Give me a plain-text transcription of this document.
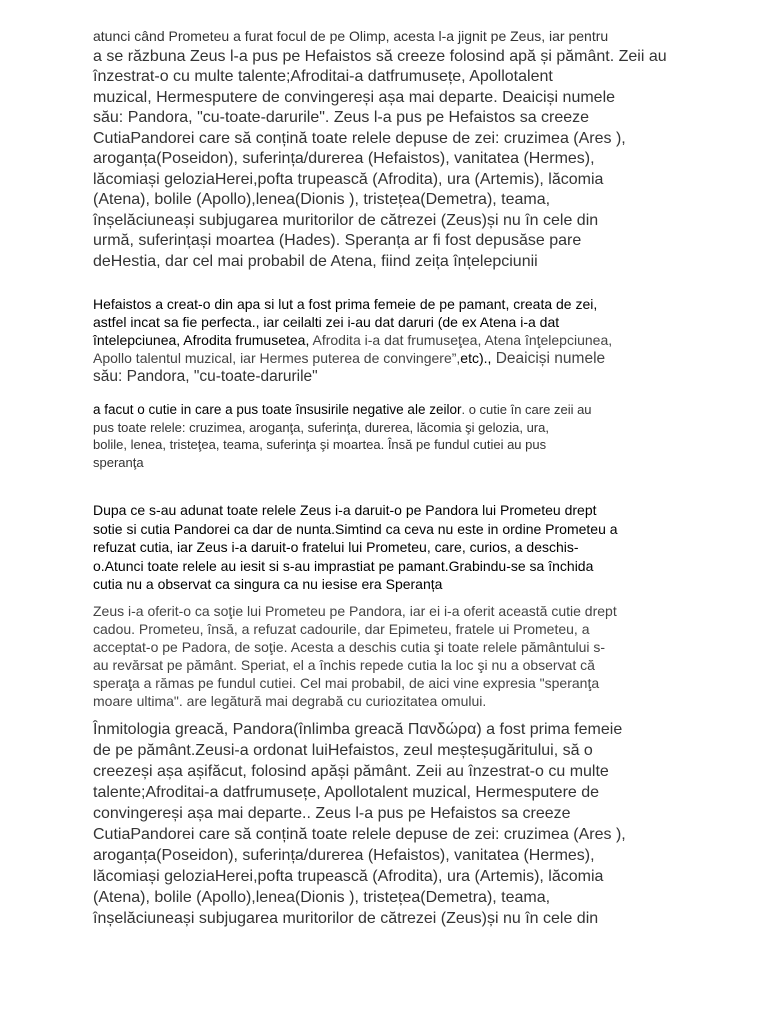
atunci când Prometeu a furat focul de pe Olimp, acesta l-a jignit pe Zeus, iar pentru
a se răzbuna Zeus l-a pus pe Hefaistos să creeze folosind apă și pământ. Zeii au
înzestrat-o cu multe talente;Afroditai-a datfrumusețe, Apollotalent
muzical, Hermesputere de convingereși așa mai departe. Deaiciși numele
său: Pandora, "cu-toate-darurile". Zeus l-a pus pe Hefaistos sa creeze
CutiaPandorei care să conțină toate relele depuse de zei: cruzimea (Ares ),
aroganța(Poseidon), suferința/durerea (Hefaistos), vanitatea (Hermes),
lăcomiași geloziaHerei,pofta trupească (Afrodita), ura (Artemis), lăcomia
(Atena), bolile (Apollo),lenea(Dionis ), tristețea(Demetra), teama,
înșelăciuneași subjugarea muritorilor de cătrezei (Zeus)și nu în cele din
urmă, suferințași moartea (Hades). Speranța ar fi fost depusăse pare
deHestia, dar cel mai probabil de Atena, fiind zeița înțelepciunii
Hefaistos a creat-o din apa si lut a fost prima femeie de pe pamant, creata de zei,
astfel incat sa fie perfecta., iar ceilalti zei i-au dat daruri (de ex Atena i-a dat
întelepciunea, Afrodita frumusetea, Afrodita i-a dat frumuseţea, Atena înţelepciunea,
Apollo talentul muzical, iar Hermes puterea de convingere”,etc)., Deaiciși numele
său: Pandora, "cu-toate-darurile"
a facut o cutie in care a pus toate însusirile negative ale zeilor. o cutie în care zeii au
pus toate relele: cruzimea, aroganţa, suferinţa, durerea, lăcomia şi gelozia, ura,
bolile, lenea, tristeţea, teama, suferinţa şi moartea. Însă pe fundul cutiei au pus
speranţa
Dupa ce s-au adunat toate relele Zeus i-a daruit-o pe Pandora lui Prometeu drept
sotie si cutia Pandorei ca dar de nunta.Simtind ca ceva nu este in ordine Prometeu a
refuzat cutia, iar Zeus i-a daruit-o fratelui lui Prometeu, care, curios, a deschis-
o.Atunci toate relele au iesit si s-au imprastiat pe pamant.Grabindu-se sa închida
cutia nu a observat ca singura ca nu iesise era Speranța
Zeus i-a oferit-o ca soţie lui Prometeu pe Pandora, iar ei i-a oferit această cutie drept
cadou. Prometeu, însă, a refuzat cadourile, dar Epimeteu, fratele ui Prometeu, a
acceptat-o pe Padora, de soţie. Acesta a deschis cutia şi toate relele pământului s-
au revărsat pe pământ. Speriat, el a închis repede cutia la loc şi nu a observat că
speraţa a rămas pe fundul cutiei. Cel mai probabil, de aici vine expresia "speranţa
moare ultima". are legătură mai degrabă cu curiozitatea omului.
Înmitologia greacă, Pandora(înlimba greacă Πανδώρα) a fost prima femeie
de pe pământ.Zeusi-a ordonat luiHefaistos, zeul meșteșugăritului, să o
creezeși așa așifăcut, folosind apăși pământ. Zeii au înzestrat-o cu multe
talente;Afroditai-a datfrumusețe, Apollotalent muzical, Hermesputere de
convingereși așa mai departe.. Zeus l-a pus pe Hefaistos sa creeze
CutiaPandorei care să conțină toate relele depuse de zei: cruzimea (Ares ),
aroganța(Poseidon), suferința/durerea (Hefaistos), vanitatea (Hermes),
lăcomiași geloziaHerei,pofta trupească (Afrodita), ura (Artemis), lăcomia
(Atena), bolile (Apollo),lenea(Dionis ), tristețea(Demetra), teama,
înșelăciuneași subjugarea muritorilor de cătrezei (Zeus)și nu în cele din
